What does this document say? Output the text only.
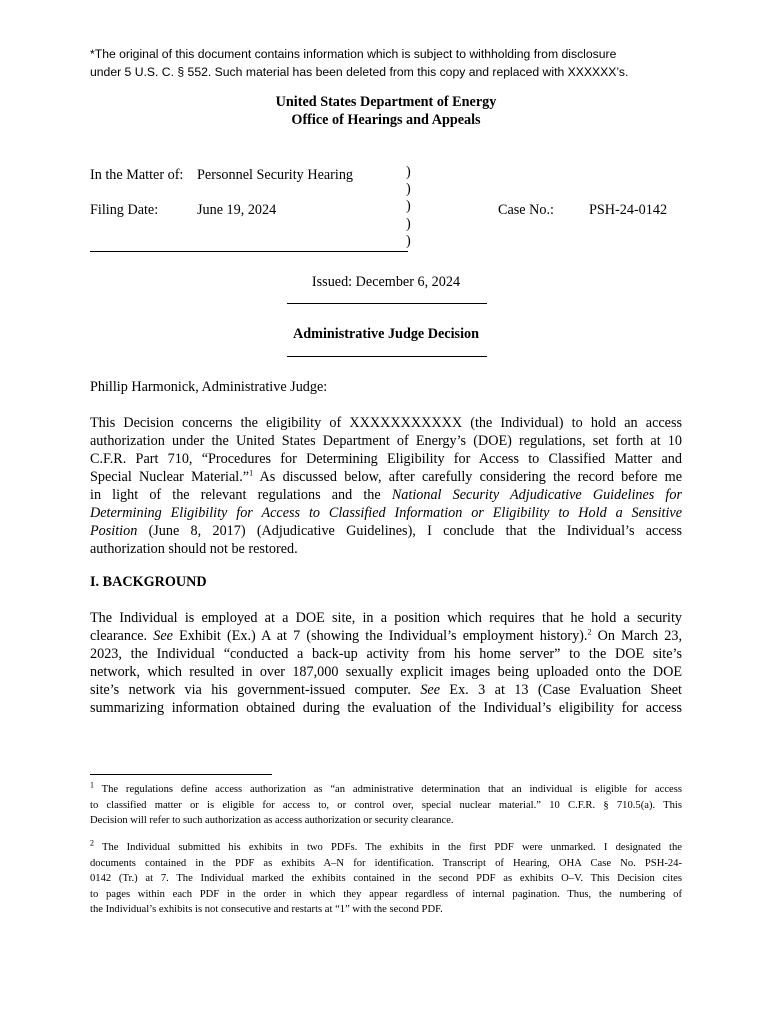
*The original of this document contains information which is subject to withholding from disclosure
under 5 U.S. C. § 552. Such material has been deleted from this copy and replaced with XXXXXX’s.
United States Department of Energy
Office of Hearings and Appeals
In the Matter of: Personnel Security Hearing
Filing Date:	June 19, 2024	Case No.: PSH-24-0142
)
)
)
)
)
Issued: December 6, 2024
Administrative Judge Decision
Phillip Harmonick, Administrative Judge:
This Decision concerns the eligibility of XXXXXXXXXXX (the Individual) to hold an access
authorization under the United States Department of Energy’s (DOE) regulations, set forth at 10
C.F.R. Part 710, “Procedures for Determining Eligibility for Access to Classified Matter and
Special Nuclear Material.”$^1$ As discussed below, after carefully considering the record before me
in light of the relevant regulations and the National Security Adjudicative Guidelines for
Determining Eligibility for Access to Classified Information or Eligibility to Hold a Sensitive
Position (June 8, 2017) (Adjudicative Guidelines), I conclude that the Individual’s access
authorization should not be restored.
I. BACKGROUND
The Individual is employed at a DOE site, in a position which requires that he hold a security
clearance. See Exhibit (Ex.) A at 7 (showing the Individual’s employment history).$^2$ On March 23,
2023, the Individual “conducted a back-up activity from his home server” to the DOE site’s
network, which resulted in over 187,000 sexually explicit images being uploaded onto the DOE
site’s network via his government-issued computer. See Ex. 3 at 13 (Case Evaluation Sheet
summarizing information obtained during the evaluation of the Individual’s eligibility for access
$^1$ The regulations define access authorization as “an administrative determination that an individual is eligible for access
to classified matter or is eligible for access to, or control over, special nuclear material.” 10 C.F.R. § 710.5(a). This
Decision will refer to such authorization as access authorization or security clearance.
$^2$ The Individual submitted his exhibits in two PDFs. The exhibits in the first PDF were unmarked. I designated the
documents contained in the PDF as exhibits A–N for identification. Transcript of Hearing, OHA Case No. PSH-24-
0142 (Tr.) at 7. The Individual marked the exhibits contained in the second PDF as exhibits O–V. This Decision cites
to pages within each PDF in the order in which they appear regardless of internal pagination. Thus, the numbering of
the Individual’s exhibits is not consecutive and restarts at “1” with the second PDF.
